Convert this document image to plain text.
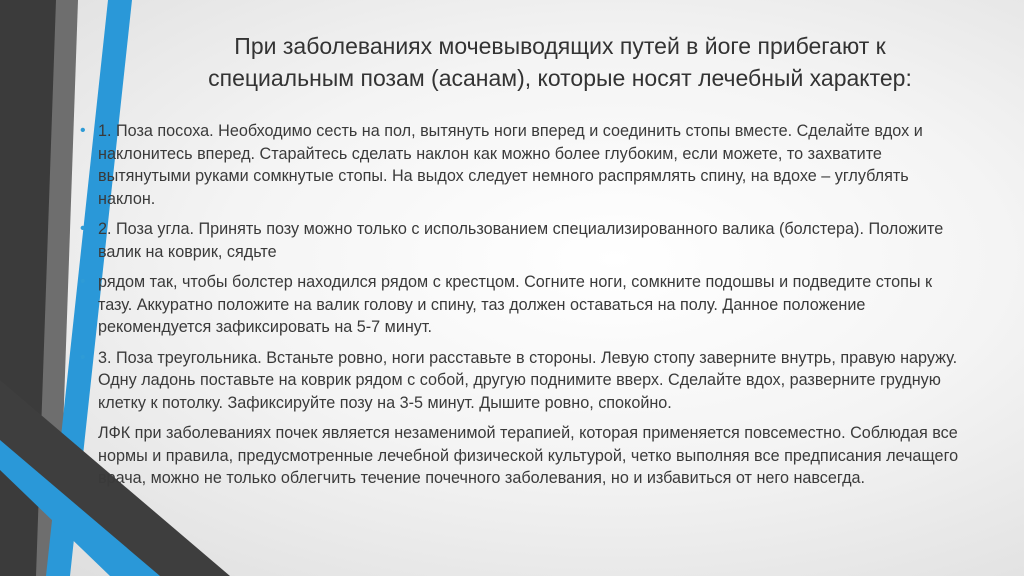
При заболеваниях мочевыводящих путей в йоге прибегают к
специальным позам (асанам), которые носят лечебный характер:
• 1. Поза посоха. Необходимо сесть на пол, вытянуть ноги вперед и соединить стопы вместе. Сделайте вдох и наклонитесь вперед. Старайтесь сделать наклон как можно более глубоким, если можете, то захватите вытянутыми руками сомкнутые стопы. На выдох следует немного распрямлять спину, на вдохе – углублять наклон.
• 2. Поза угла. Принять позу можно только с использованием специализированного валика (болстера). Положите валик на коврик, сядьте
• рядом так, чтобы болстер находился рядом с крестцом. Согните ноги, сомкните подошвы и подведите стопы к тазу. Аккуратно положите на валик голову и спину, таз должен оставаться на полу. Данное положение рекомендуется зафиксировать на 5-7 минут.
• 3. Поза треугольника. Встаньте ровно, ноги расставьте в стороны. Левую стопу заверните внутрь, правую наружу. Одну ладонь поставьте на коврик рядом с собой, другую поднимите вверх. Сделайте вдох, разверните грудную клетку к потолку. Зафиксируйте позу на 3-5 минут. Дышите ровно, спокойно.
ЛФК при заболеваниях почек является незаменимой терапией, которая применяется повсеместно. Соблюдая все нормы и правила, предусмотренные лечебной физической культурой, четко выполняя все предписания лечащего врача, можно не только облегчить течение почечного заболевания, но и избавиться от него навсегда.
